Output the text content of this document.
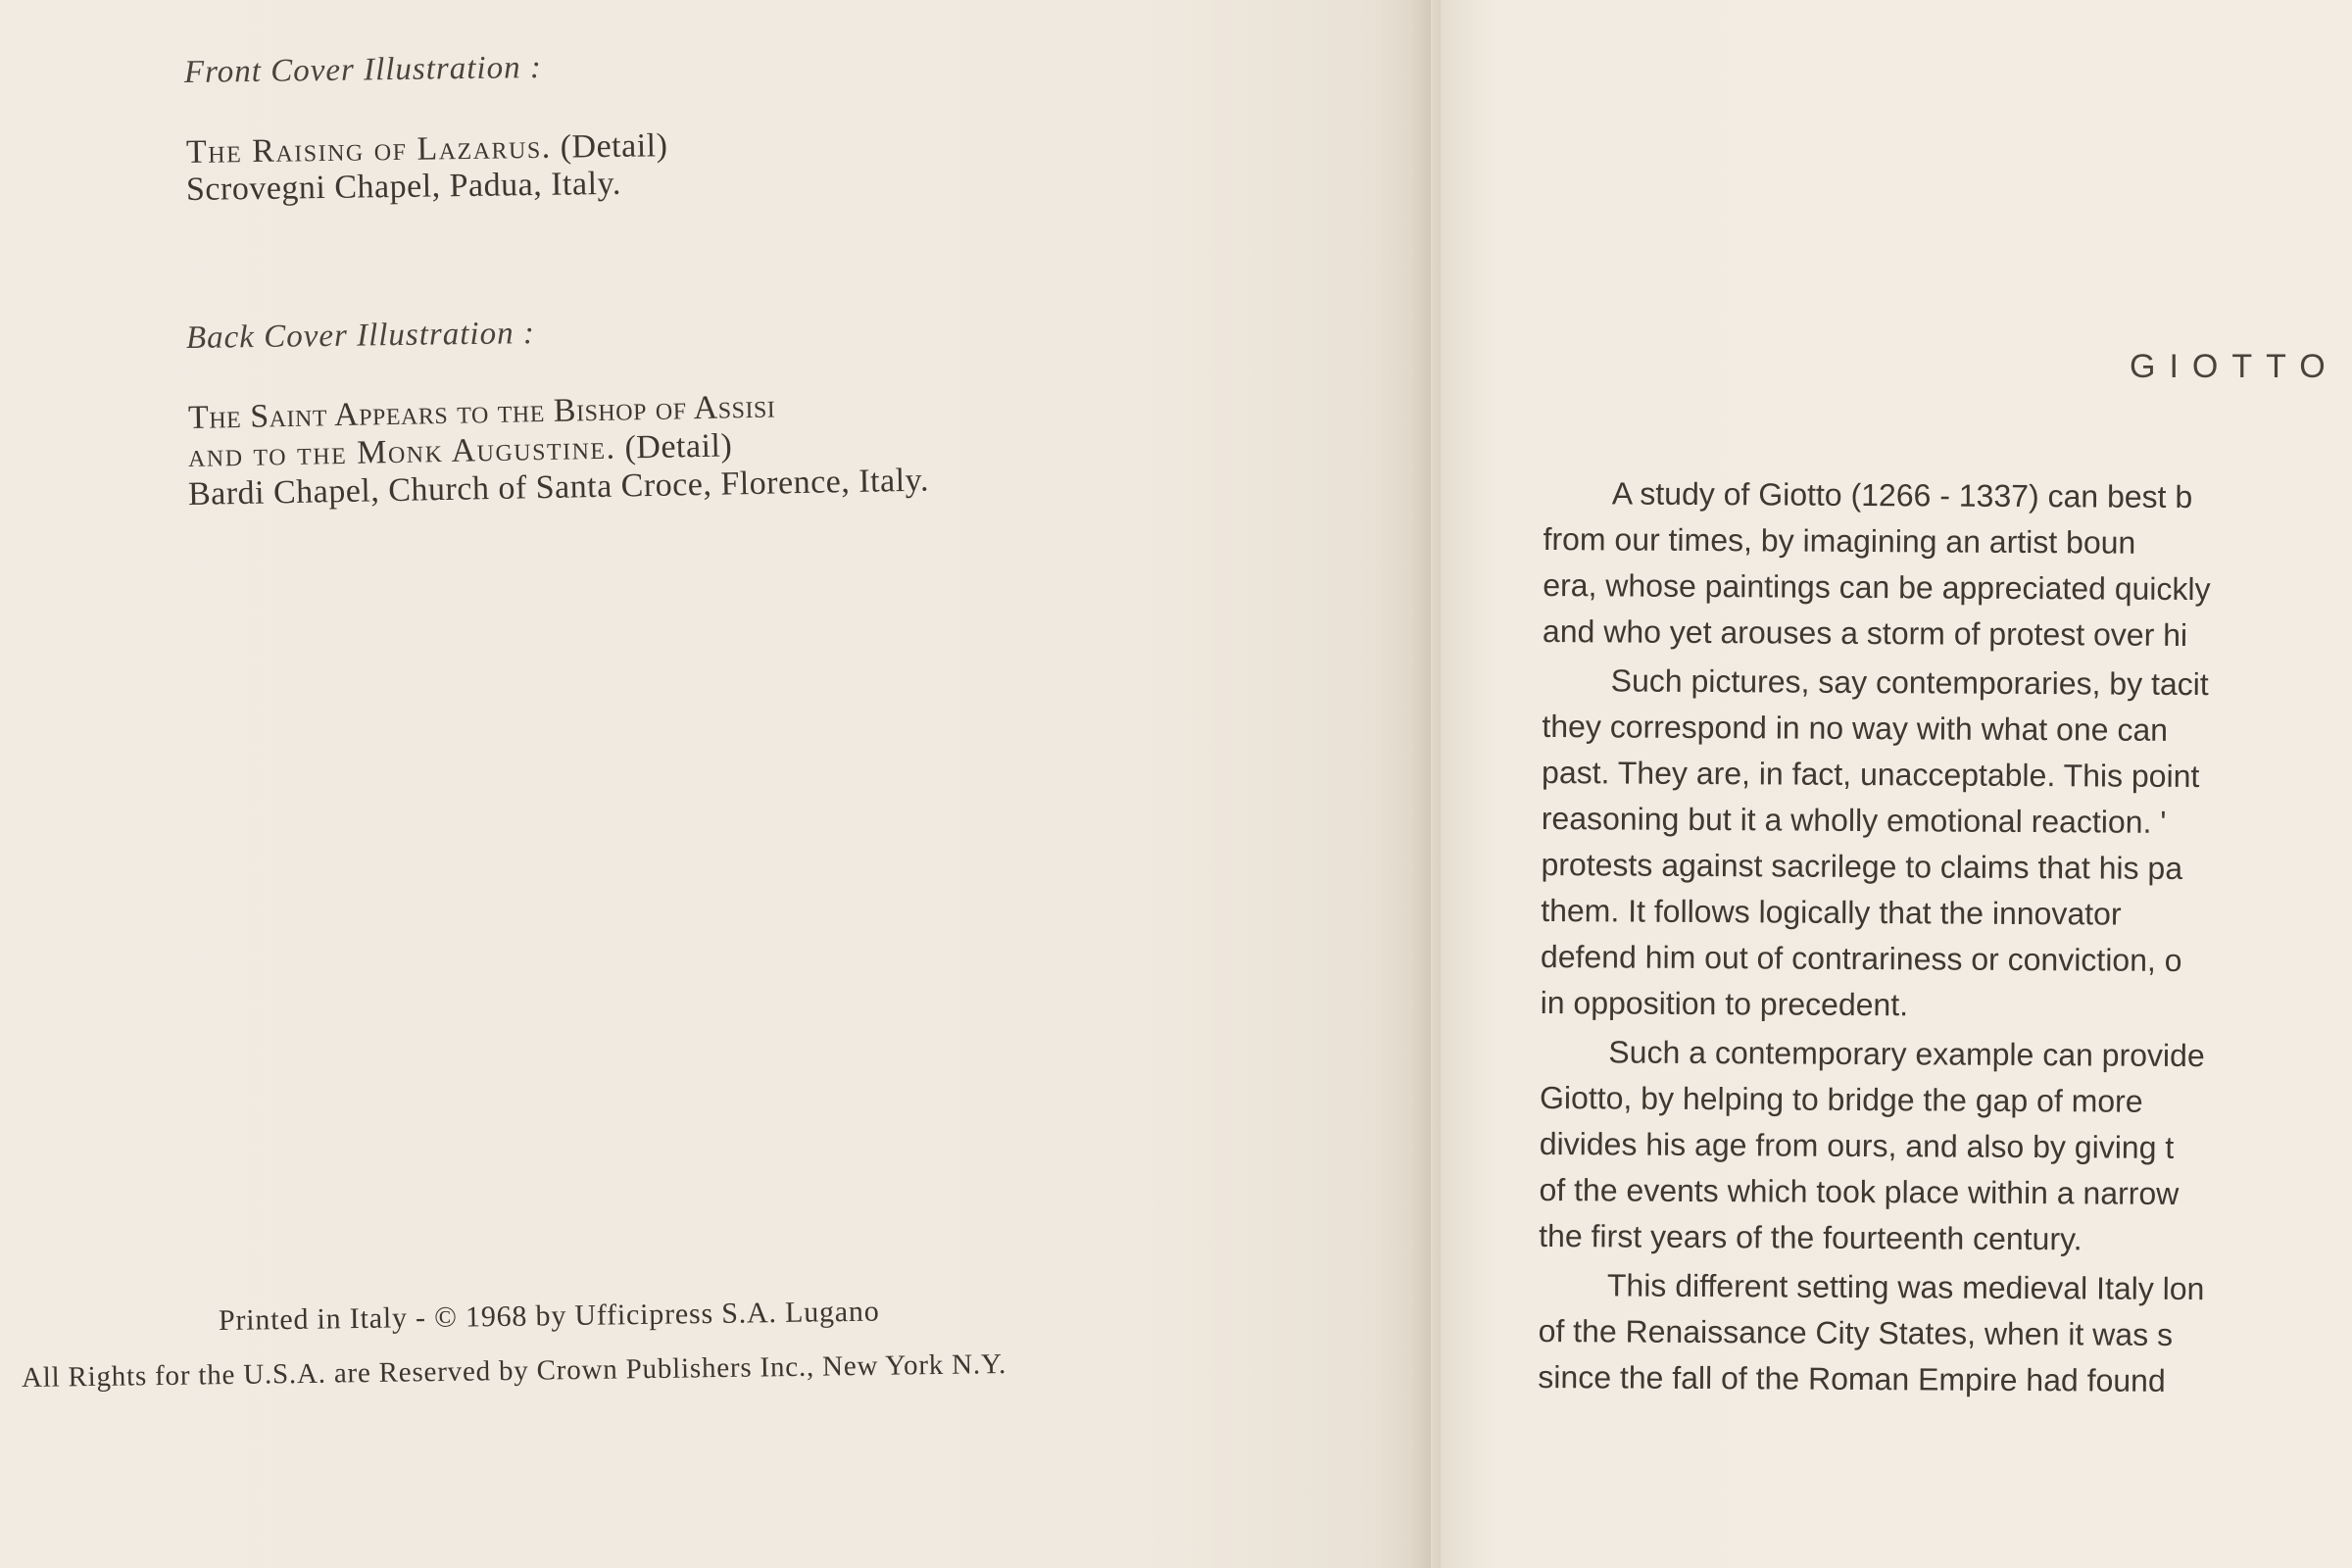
Front Cover Illustration :
The Raising of Lazarus. (Detail)
Scrovegni Chapel, Padua, Italy.
Back Cover Illustration :
The Saint Appears to the Bishop of Assisi
and to the Monk Augustine. (Detail)
Bardi Chapel, Church of Santa Croce, Florence, Italy.
Printed in Italy - © 1968 by Ufficipress S.A. Lugano
All Rights for the U.S.A. are Reserved by Crown Publishers Inc., New York N.Y.
GIOTTO
A study of Giotto (1266 - 1337) can best b
from our times, by imagining an artist boun
era, whose paintings can be appreciated quickly
and who yet arouses a storm of protest over hi
Such pictures, say contemporaries, by tacit
they correspond in no way with what one can
past. They are, in fact, unacceptable. This point
reasoning but it a wholly emotional reaction. '
protests against sacrilege to claims that his pa
them. It follows logically that the innovator
defend him out of contrariness or conviction, o
in opposition to precedent.
Such a contemporary example can provide
Giotto, by helping to bridge the gap of more
divides his age from ours, and also by giving t
of the events which took place within a narrow
the first years of the fourteenth century.
This different setting was medieval Italy lon
of the Renaissance City States, when it was s
since the fall of the Roman Empire had found
